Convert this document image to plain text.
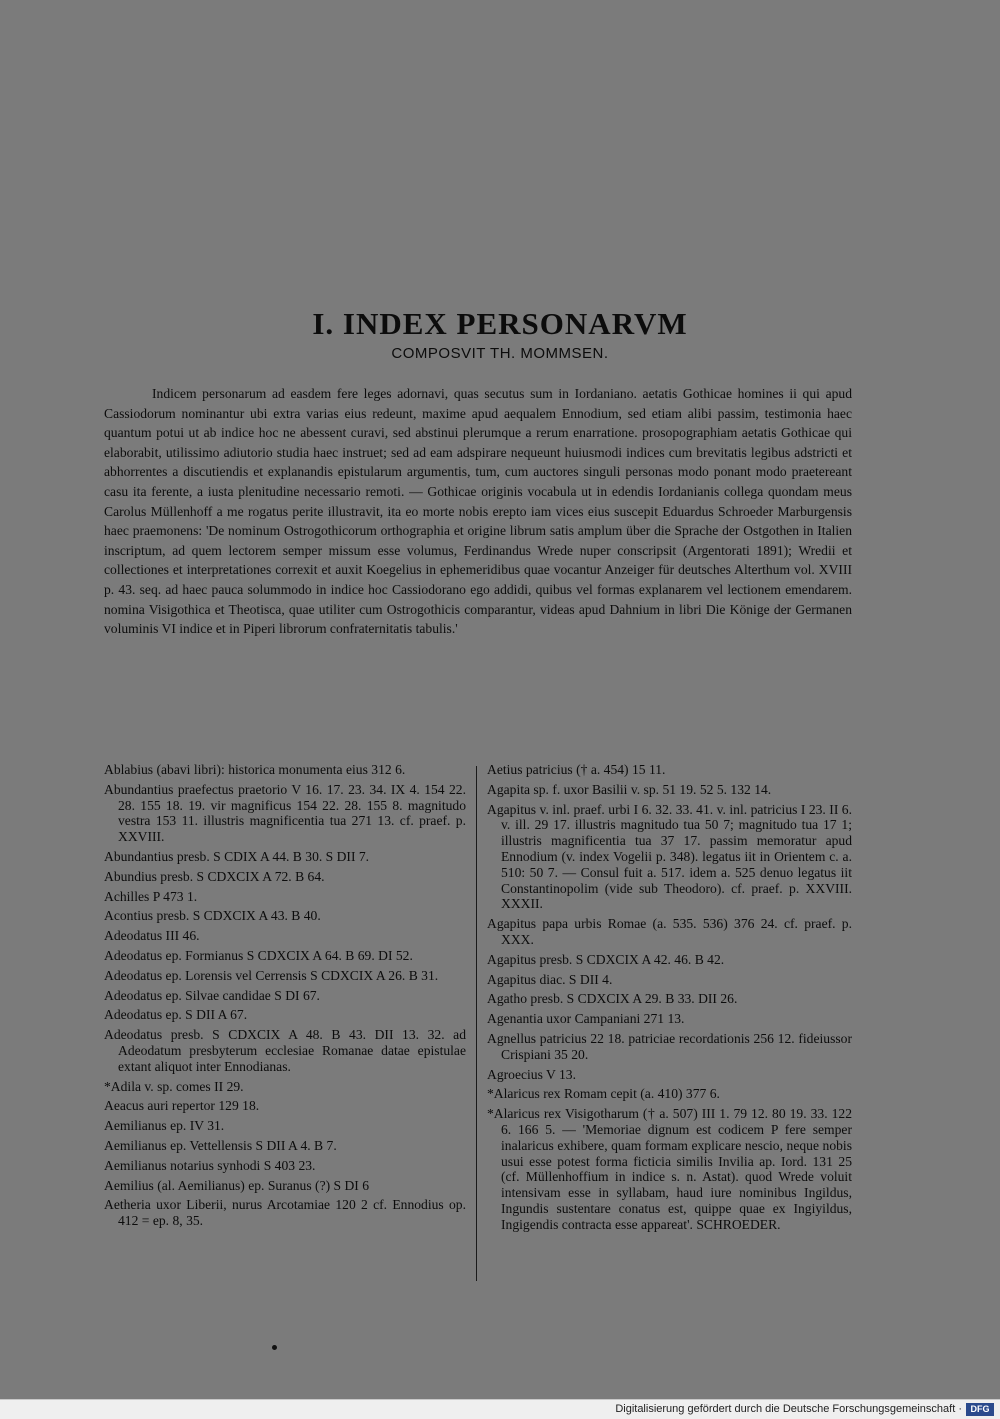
I. INDEX PERSONARVM
COMPOSVIT TH. MOMMSEN.

Indicem personarum ad easdem fere leges adornavi, quas secutus sum in Iordaniano. aetatis Gothicae homines ii qui apud Cassiodorum nominantur ubi extra varias eius redeunt, maxime apud aequalem Ennodium, sed etiam alibi passim, testimonia haec quantum potui ut ab indice hoc ne abessent curavi, sed abstinui plerumque a rerum enarratione. prosopographiam aetatis Gothicae qui elaborabit, utilissimo adiutorio studia haec instruet; sed ad eam adspirare nequeunt huiusmodi indices cum brevitatis legibus adstricti et abhorrentes a discutiendis et explanandis epistularum argumentis, tum, cum auctores singuli personas modo ponant modo praetereant casu ita ferente, a iusta plenitudine necessario remoti. — Gothicae originis vocabula ut in edendis Iordanianis collega quondam meus Carolus Müllenhoff a me rogatus perite illustravit, ita eo morte nobis erepto iam vices eius suscepit Eduardus Schroeder Marburgensis haec praemonens: 'De nominum Ostrogothicorum orthographia et origine librum satis amplum über die Sprache der Ostgothen in Italien inscriptum, ad quem lectorem semper missum esse volumus, Ferdinandus Wrede nuper conscripsit (Argentorati 1891); Wredii et collectiones et interpretationes correxit et auxit Koegelius in ephemeridibus quae vocantur Anzeiger für deutsches Alterthum vol. XVIII p. 43. seq. ad haec pauca solummodo in indice hoc Cassiodorano ego addidi, quibus vel formas explanarem vel lectionem emendarem. nomina Visigothica et Theotisca, quae utiliter cum Ostrogothicis comparantur, videas apud Dahnium in libri Die Könige der Germanen voluminis VI indice et in Piperi librorum confraternitatis tabulis.'

Ablabius (abavi libri): historica monumenta eius 312 6.

Abundantius praefectus praetorio V 16. 17. 23. 34. IX 4. 154 22. 28. 155 18. 19. vir magnificus 154 22. 28. 155 8. magnitudo vestra 153 11. illustris magnificentia tua 271 13. cf. praef. p. XXVIII.

Abundantius presb. S CDIX A 44. B 30. S DII 7.

Abundius presb. S CDXCIX A 72. B 64.

Achilles P 473 1.

Acontius presb. S CDXCIX A 43. B 40.

Adeodatus III 46.

Adeodatus ep. Formianus S CDXCIX A 64. B 69. DI 52.

Adeodatus ep. Lorensis vel Cerrensis S CDXCIX A 26. B 31.

Adeodatus ep. Silvae candidae S DI 67.

Adeodatus ep. S DII A 67.

Adeodatus presb. S CDXCIX A 48. B 43. DII 13. 32. ad Adeodatum presbyterum ecclesiae Romanae datae epistulae extant aliquot inter Ennodianas.

*Adila v. sp. comes II 29.

Aeacus auri repertor 129 18.

Aemilianus ep. IV 31.

Aemilianus ep. Vettellensis S DII A 4. B 7.

Aemilianus notarius synhodi S 403 23.

Aemilius (al. Aemilianus) ep. Suranus (?) S DI 6

Aetheria uxor Liberii, nurus Arcotamiae 120 2 cf. Ennodius op. 412 = ep. 8, 35.

Aetius patricius († a. 454) 15 11.

Agapita sp. f. uxor Basilii v. sp. 51 19. 52 5. 132 14.

Agapitus v. inl. praef. urbi I 6. 32. 33. 41. v. inl. patricius I 23. II 6. v. ill. 29 17. illustris magnitudo tua 50 7; magnitudo tua 17 1; illustris magnificentia tua 37 17. passim memoratur apud Ennodium (v. index Vogelii p. 348). legatus iit in Orientem c. a. 510: 50 7. — Consul fuit a. 517. idem a. 525 denuo legatus iit Constantinopolim (vide sub Theodoro). cf. praef. p. XXVIII. XXXII.

Agapitus papa urbis Romae (a. 535. 536) 376 24. cf. praef. p. XXX.

Agapitus presb. S CDXCIX A 42. 46. B 42.

Agapitus diac. S DII 4.

Agatho presb. S CDXCIX A 29. B 33. DII 26.

Agenantia uxor Campaniani 271 13.

Agnellus patricius 22 18. patriciae recordationis 256 12. fideiussor Crispiani 35 20.

Agroecius V 13.

*Alaricus rex Romam cepit (a. 410) 377 6.

*Alaricus rex Visigotharum († a. 507) III 1. 79 12. 80 19. 33. 122 6. 166 5. — 'Memoriae dignum est codicem P fere semper inalaricus exhibere, quam formam explicare nescio, neque nobis usui esse potest forma ficticia similis Invilia ap. Iord. 131 25 (cf. Müllenhoffium in indice s. n. Astat). quod Wrede voluit intensivam esse in syllabam, haud iure nominibus Ingildus, Ingundis sustentare conatus est, quippe quae ex Ingiyildus, Ingigendis contracta esse appareat'. SCHROEDER.

Digitalisierung gefördert durch die Deutsche Forschungsgemeinschaft · DFG
